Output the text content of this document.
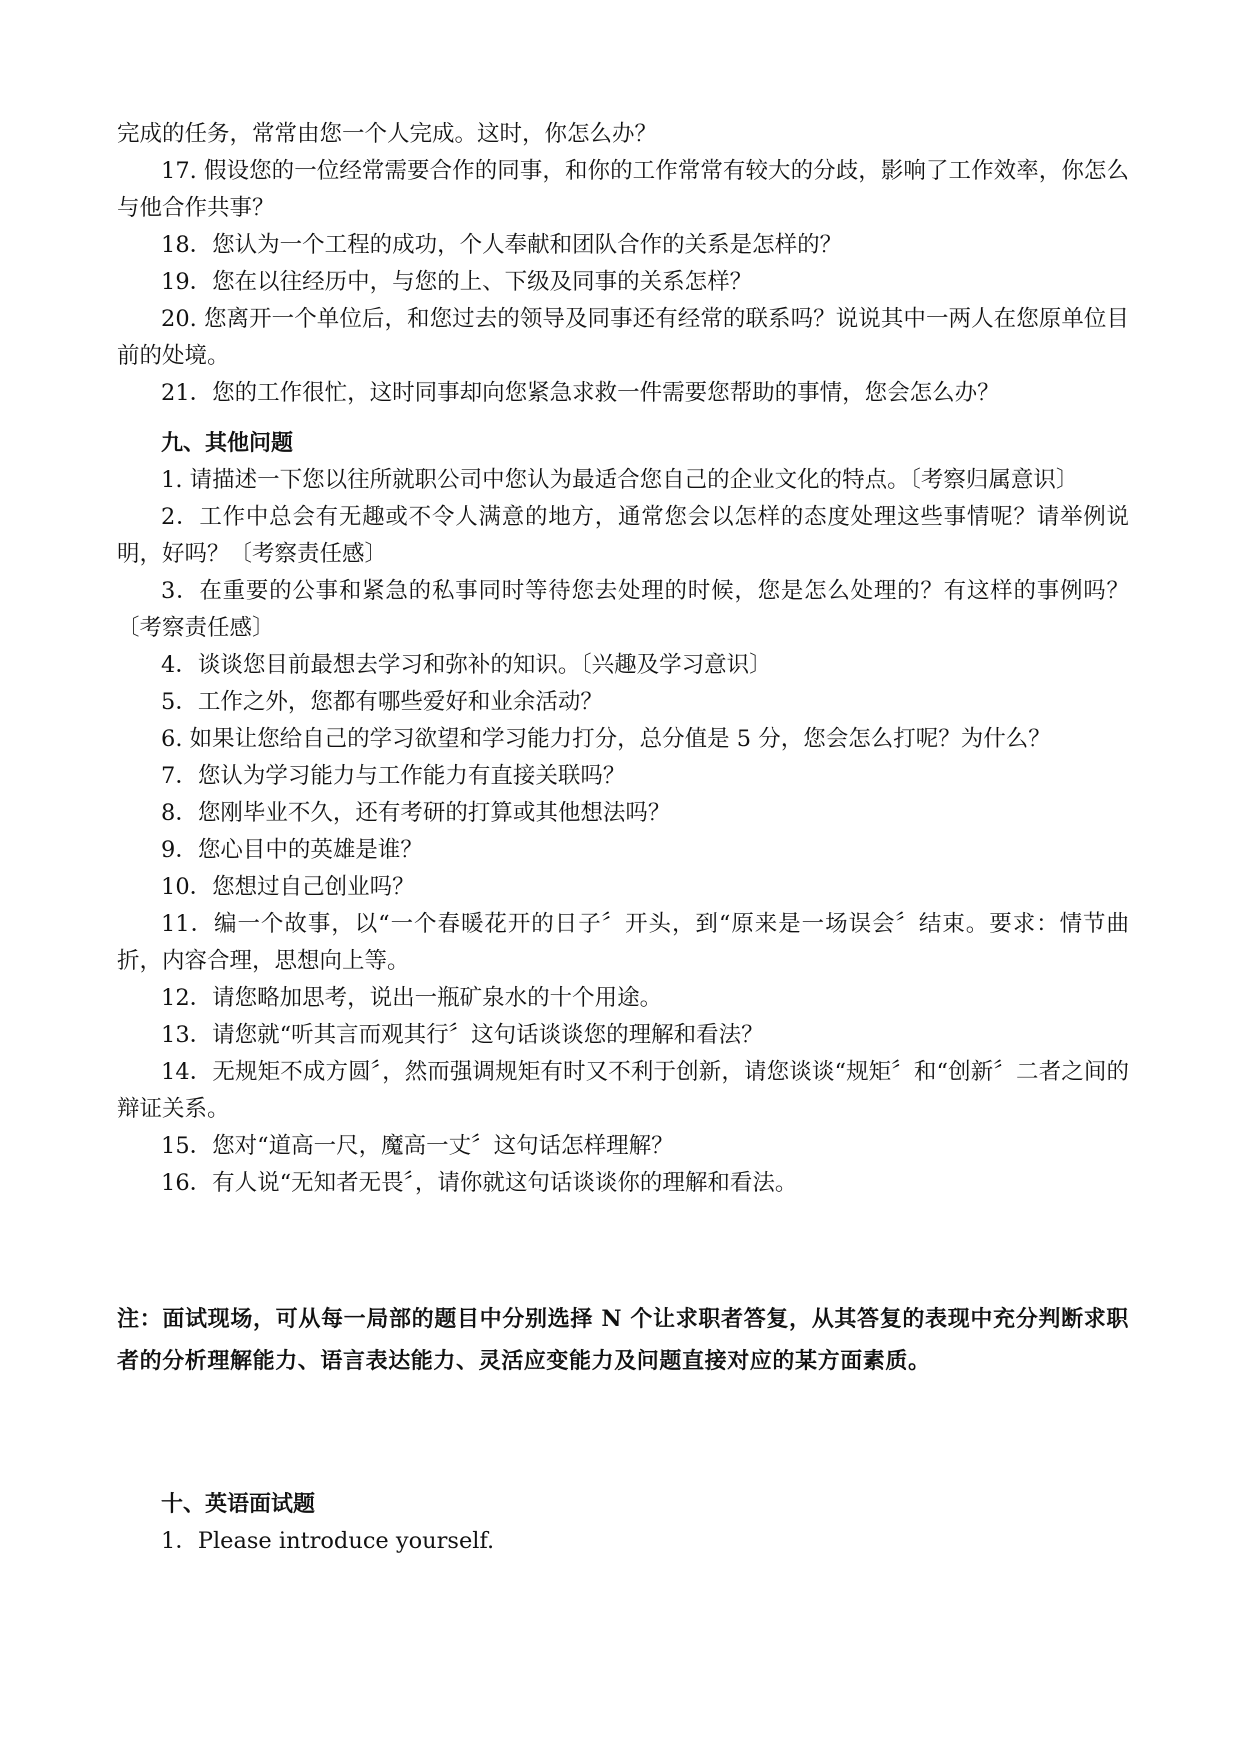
完成的任务，常常由您一个人完成。这时，你怎么办？

17. 假设您的一位经常需要合作的同事，和你的工作常常有较大的分歧，影响了工作效率，你怎么与他合作共事？

18．您认为一个工程的成功，个人奉献和团队合作的关系是怎样的？

19．您在以往经历中，与您的上、下级及同事的关系怎样？

20. 您离开一个单位后，和您过去的领导及同事还有经常的联系吗？说说其中一两人在您原单位目前的处境。

21．您的工作很忙，这时同事却向您紧急求救一件需要您帮助的事情，您会怎么办？

九、其他问题

1. 请描述一下您以往所就职公司中您认为最适合您自己的企业文化的特点。〔考察归属意识〕

2．工作中总会有无趣或不令人满意的地方，通常您会以怎样的态度处理这些事情呢？请举例说明，好吗？〔考察责任感〕

3．在重要的公事和紧急的私事同时等待您去处理的时候，您是怎么处理的？有这样的事例吗？〔考察责任感〕

4．谈谈您目前最想去学习和弥补的知识。〔兴趣及学习意识〕

5．工作之外，您都有哪些爱好和业余活动？

6. 如果让您给自己的学习欲望和学习能力打分，总分值是 5 分，您会怎么打呢？为什么？

7．您认为学习能力与工作能力有直接关联吗？

8．您刚毕业不久，还有考研的打算或其他想法吗？

9．您心目中的英雄是谁？

10．您想过自己创业吗？

11．编一个故事，以“一个春暖花开的日子〞开头，到“原来是一场误会〞结束。要求：情节曲折，内容合理，思想向上等。

12．请您略加思考，说出一瓶矿泉水的十个用途。

13．请您就“听其言而观其行〞这句话谈谈您的理解和看法？

14．无规矩不成方圆〞，然而强调规矩有时又不利于创新，请您谈谈“规矩〞和“创新〞二者之间的辩证关系。

15．您对“道高一尺，魔高一丈〞这句话怎样理解？

16．有人说“无知者无畏〞，请你就这句话谈谈你的理解和看法。

注：面试现场，可从每一局部的题目中分别选择 N 个让求职者答复，从其答复的表现中充分判断求职者的分析理解能力、语言表达能力、灵活应变能力及问题直接对应的某方面素质。

十、英语面试题

1．Please introduce yourself.
